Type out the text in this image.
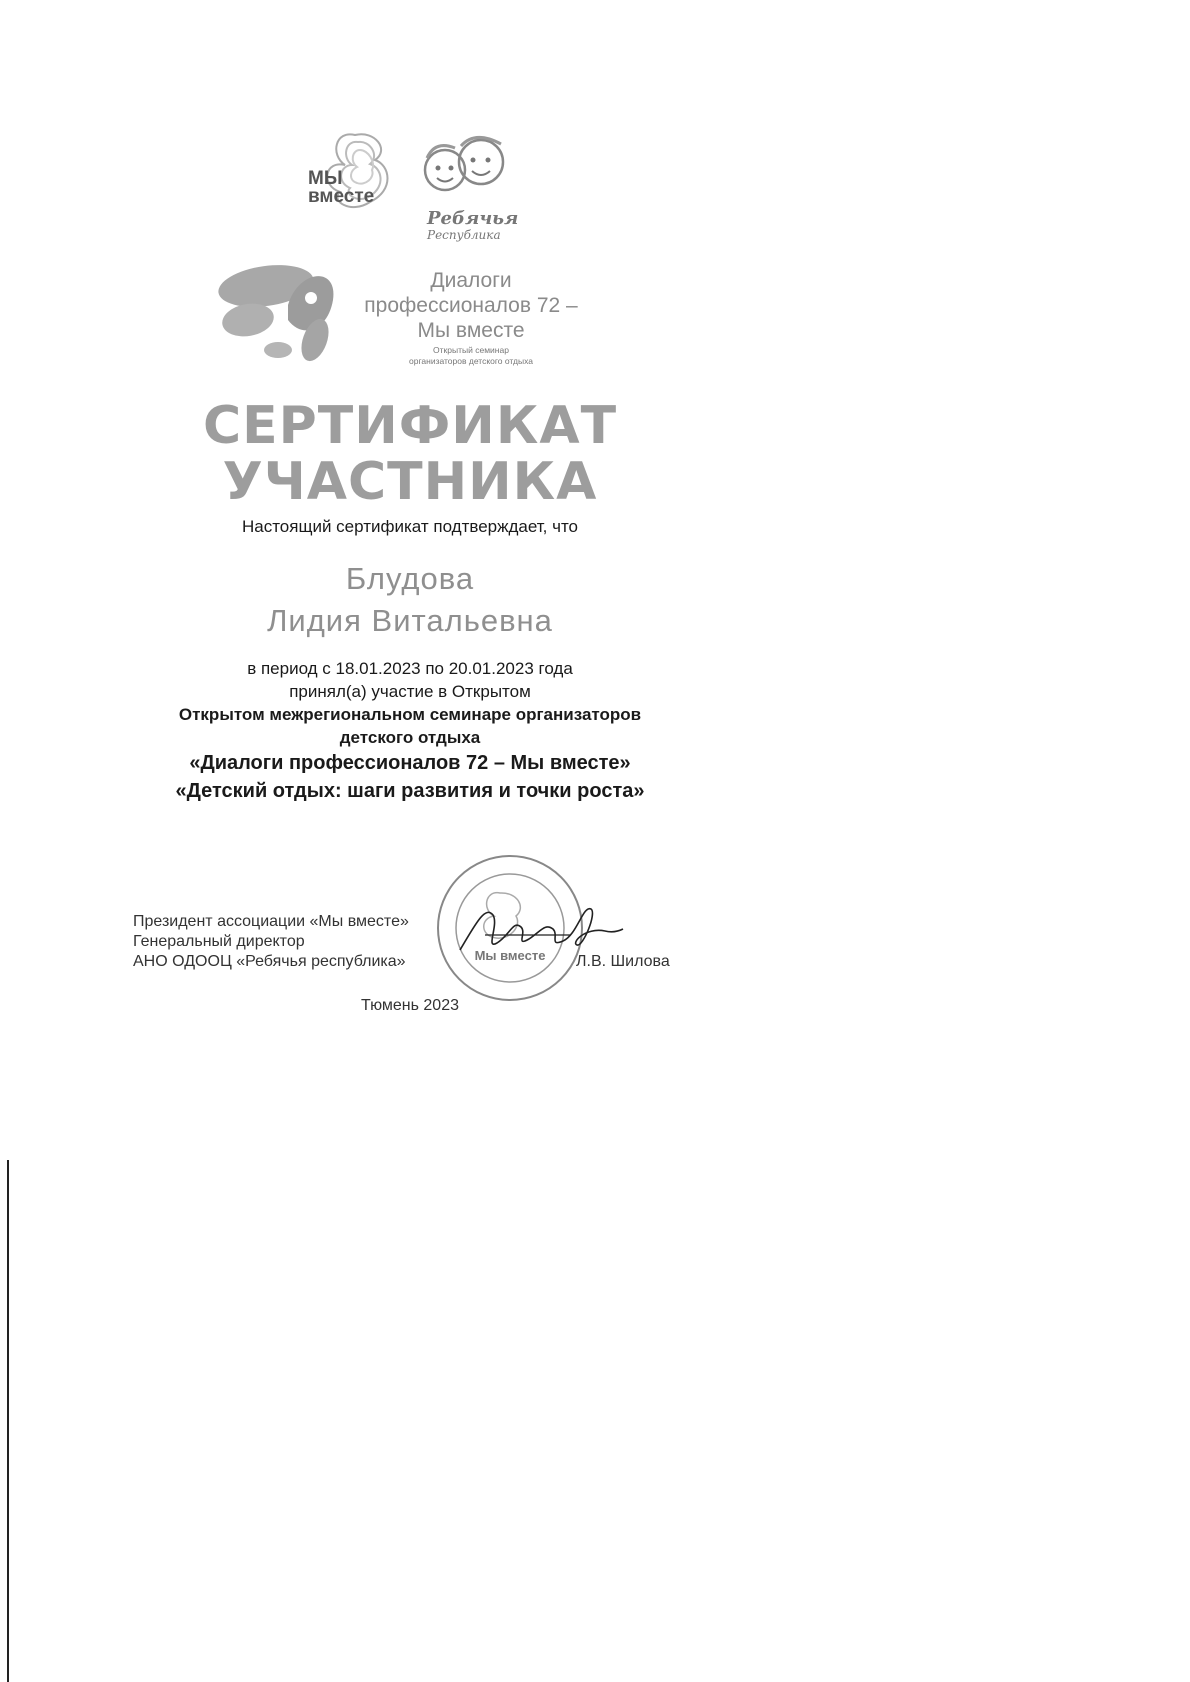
МЫ вместе
Ребячья
Республика
Диалоги
профессионалов 72 –
Мы вместе
Открытый семинар
организаторов детского отдыха
СЕРТИФИКАТ
УЧАСТНИКА
Настоящий сертификат подтверждает, что
Блудова
Лидия Витальевна
в период с 18.01.2023 по 20.01.2023 года
принял(а) участие в Открытом
Открытом межрегиональном семинаре организаторов
детского отдыха
«Диалоги профессионалов 72 – Мы вместе»
«Детский отдых: шаги развития и точки роста»
Мы вместе
Президент ассоциации «Мы вместе»
Генеральный директор
АНО ОДООЦ «Ребячья республика»	Л.В. Шилова
Тюмень 2023
